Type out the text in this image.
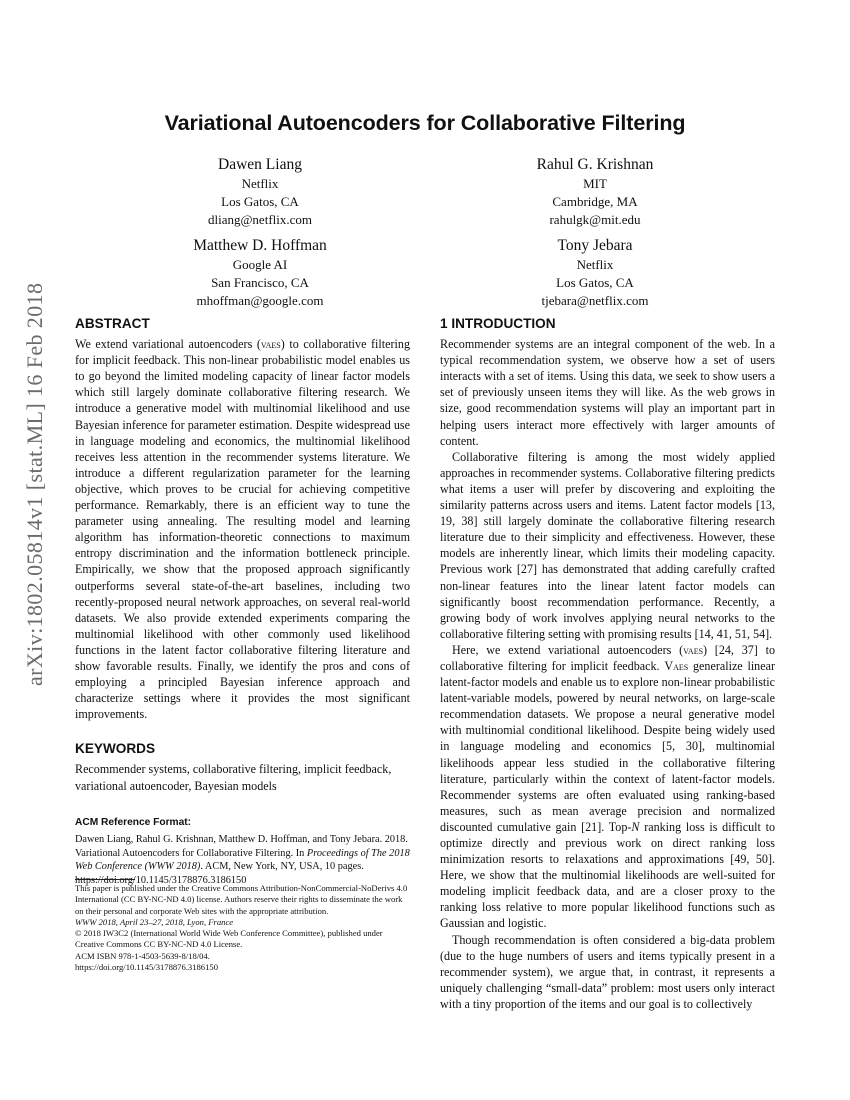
arXiv:1802.05814v1 [stat.ML] 16 Feb 2018
Variational Autoencoders for Collaborative Filtering
Dawen Liang
Netflix
Los Gatos, CA
dliang@netflix.com
Rahul G. Krishnan
MIT
Cambridge, MA
rahulgk@mit.edu
Matthew D. Hoffman
Google AI
San Francisco, CA
mhoffman@google.com
Tony Jebara
Netflix
Los Gatos, CA
tjebara@netflix.com
ABSTRACT

We extend variational autoencoders (vaes) to collaborative filtering for implicit feedback. This non-linear probabilistic model enables us to go beyond the limited modeling capacity of linear factor models which still largely dominate collaborative filtering research. We introduce a generative model with multinomial likelihood and use Bayesian inference for parameter estimation. Despite widespread use in language modeling and economics, the multinomial likelihood receives less attention in the recommender systems literature. We introduce a different regularization parameter for the learning objective, which proves to be crucial for achieving competitive performance. Remarkably, there is an efficient way to tune the parameter using annealing. The resulting model and learning algorithm has information-theoretic connections to maximum entropy discrimination and the information bottleneck principle. Empirically, we show that the proposed approach significantly outperforms several state-of-the-art baselines, including two recently-proposed neural network approaches, on several real-world datasets. We also provide extended experiments comparing the multinomial likelihood with other commonly used likelihood functions in the latent factor collaborative filtering literature and show favorable results. Finally, we identify the pros and cons of employing a principled Bayesian inference approach and characterize settings where it provides the most significant improvements.

KEYWORDS

Recommender systems, collaborative filtering, implicit feedback, variational autoencoder, Bayesian models

ACM Reference Format:
Dawen Liang, Rahul G. Krishnan, Matthew D. Hoffman, and Tony Jebara. 2018. Variational Autoencoders for Collaborative Filtering. In Proceedings of The 2018 Web Conference (WWW 2018). ACM, New York, NY, USA, 10 pages. https://doi.org/10.1145/3178876.3186150
This paper is published under the Creative Commons Attribution-NonCommercial-NoDerivs 4.0 International (CC BY-NC-ND 4.0) license. Authors reserve their rights to disseminate the work on their personal and corporate Web sites with the appropriate attribution.
WWW 2018, April 23–27, 2018, Lyon, France
© 2018 IW3C2 (International World Wide Web Conference Committee), published under Creative Commons CC BY-NC-ND 4.0 License.
ACM ISBN 978-1-4503-5639-8/18/04.
https://doi.org/10.1145/3178876.3186150
1 INTRODUCTION

Recommender systems are an integral component of the web. In a typical recommendation system, we observe how a set of users interacts with a set of items. Using this data, we seek to show users a set of previously unseen items they will like. As the web grows in size, good recommendation systems will play an important part in helping users interact more effectively with larger amounts of content.

Collaborative filtering is among the most widely applied approaches in recommender systems. Collaborative filtering predicts what items a user will prefer by discovering and exploiting the similarity patterns across users and items. Latent factor models [13, 19, 38] still largely dominate the collaborative filtering research literature due to their simplicity and effectiveness. However, these models are inherently linear, which limits their modeling capacity. Previous work [27] has demonstrated that adding carefully crafted non-linear features into the linear latent factor models can significantly boost recommendation performance. Recently, a growing body of work involves applying neural networks to the collaborative filtering setting with promising results [14, 41, 51, 54].

Here, we extend variational autoencoders (vaes) [24, 37] to collaborative filtering for implicit feedback. Vaes generalize linear latent-factor models and enable us to explore non-linear probabilistic latent-variable models, powered by neural networks, on large-scale recommendation datasets. We propose a neural generative model with multinomial conditional likelihood. Despite being widely used in language modeling and economics [5, 30], multinomial likelihoods appear less studied in the collaborative filtering literature, particularly within the context of latent-factor models. Recommender systems are often evaluated using ranking-based measures, such as mean average precision and normalized discounted cumulative gain [21]. Top-N ranking loss is difficult to optimize directly and previous work on direct ranking loss minimization resorts to relaxations and approximations [49, 50]. Here, we show that the multinomial likelihoods are well-suited for modeling implicit feedback data, and are a closer proxy to the ranking loss relative to more popular likelihood functions such as Gaussian and logistic.

Though recommendation is often considered a big-data problem (due to the huge numbers of users and items typically present in a recommender system), we argue that, in contrast, it represents a uniquely challenging “small-data” problem: most users only interact with a tiny proportion of the items and our goal is to collectively
